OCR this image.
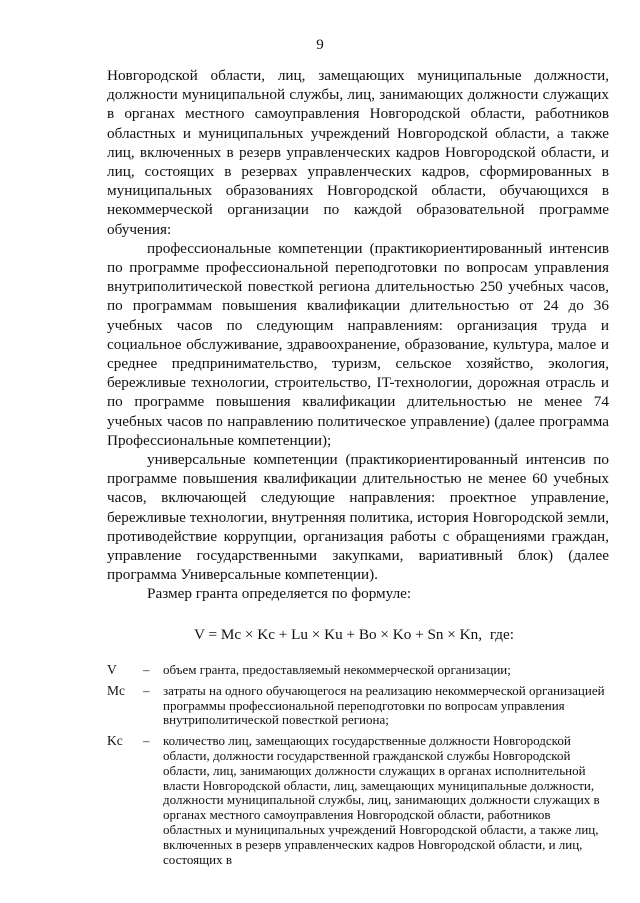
9

Новгородской области, лиц, замещающих муниципальные должности, должности муниципальной службы, лиц, занимающих должности служащих в органах местного самоуправления Новгородской области, работников областных и муниципальных учреждений Новгородской области, а также лиц, включенных в резерв управленческих кадров Новгородской области, и лиц, состоящих в резервах управленческих кадров, сформированных в муниципальных образованиях Новгородской области, обучающихся в некоммерческой организации по каждой образовательной программе обучения:

профессиональные компетенции (практикориентированный интенсив по программе профессиональной переподготовки по вопросам управления внутриполитической повесткой региона длительностью 250 учебных часов, по программам повышения квалификации длительностью от 24 до 36 учебных часов по следующим направлениям: организация труда и социальное обслуживание, здравоохранение, образование, культура, малое и среднее предпринимательство, туризм, сельское хозяйство, экология, бережливые технологии, строительство, IT-технологии, дорожная отрасль и по программе повышения квалификации длительностью не менее 74 учебных часов по направлению политическое управление) (далее программа Профессиональные компетенции);

универсальные компетенции (практикориентированный интенсив по программе повышения квалификации длительностью не менее 60 учебных часов, включающей следующие направления: проектное управление, бережливые технологии, внутренняя политика, история Новгородской земли, противодействие коррупции, организация работы с обращениями граждан, управление государственными закупками, вариативный блок) (далее программа Универсальные компетенции).

Размер гранта определяется по формуле:

V = Mc × Kc + Lu × Ku + Bo × Ko + Sn × Kn, где:
V	–	объем гранта, предоставляемый некоммерческой организации;
Mc	–	затраты на одного обучающегося на реализацию некоммерческой организацией программы профессиональной переподготовки по вопросам управления внутриполитической повесткой региона;
Kc	–	количество лиц, замещающих государственные должности Новгородской области, должности государственной гражданской службы Новгородской области, лиц, занимающих должности служащих в органах исполнительной власти Новгородской области, лиц, замещающих муниципальные должности, должности муниципальной службы, лиц, занимающих должности служащих в органах местного самоуправления Новгородской области, работников областных и муниципальных учреждений Новгородской области, а также лиц, включенных в резерв управленческих кадров Новгородской области, и лиц, состоящих в
